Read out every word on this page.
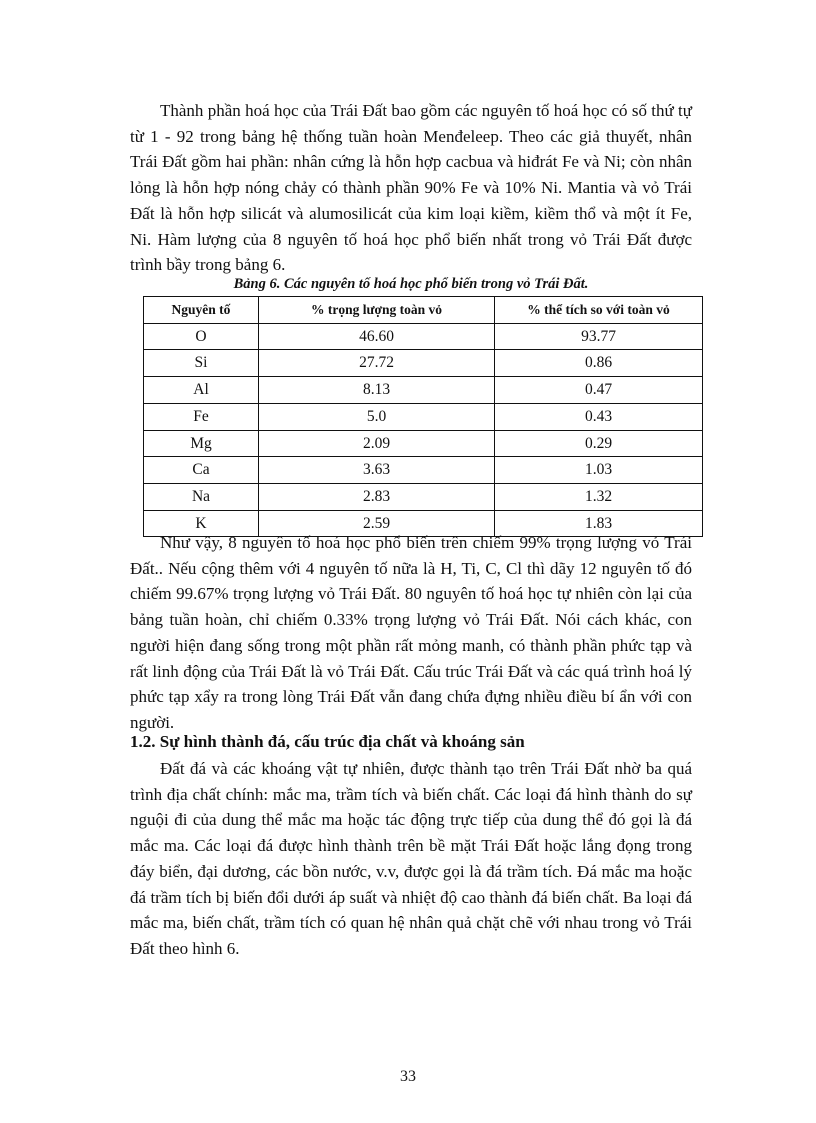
Thành phần hoá học của Trái Đất bao gồm các nguyên tố hoá học có số thứ tự từ 1 - 92 trong bảng hệ thống tuần hoàn Menđeleep. Theo các giả thuyết, nhân Trái Đất gồm hai phần: nhân cứng là hỗn hợp cacbua và hiđrát Fe và Ni; còn nhân lỏng là hỗn hợp nóng chảy có thành phần 90% Fe và 10% Ni. Mantia và vỏ Trái Đất là hỗn hợp silicát và alumosilicát của kim loại kiềm, kiềm thổ và một ít Fe, Ni. Hàm lượng của 8 nguyên tố hoá học phổ biến nhất trong vỏ Trái Đất được trình bầy trong bảng 6.

Bảng 6. Các nguyên tố hoá học phổ biến trong vỏ Trái Đất.
Nguyên tố	% trọng lượng toàn vỏ	% thể tích so với toàn vỏ
O	46.60	93.77
Si	27.72	0.86
Al	8.13	0.47
Fe	5.0	0.43
Mg	2.09	0.29
Ca	3.63	1.03
Na	2.83	1.32
K	2.59	1.83

Như vậy, 8 nguyên tố hoá học phổ biến trên chiếm 99% trọng lượng vỏ Trái Đất.. Nếu cộng thêm với 4 nguyên tố nữa là H, Ti, C, Cl thì dãy 12 nguyên tố đó chiếm 99.67% trọng lượng vỏ Trái Đất. 80 nguyên tố hoá học tự nhiên còn lại của bảng tuần hoàn, chỉ chiếm 0.33% trọng lượng vỏ Trái Đất. Nói cách khác, con người hiện đang sống trong một phần rất mỏng manh, có thành phần phức tạp và rất linh động của Trái Đất là vỏ Trái Đất. Cấu trúc Trái Đất và các quá trình hoá lý phức tạp xẩy ra trong lòng Trái Đất vẫn đang chứa đựng nhiều điều bí ẩn với con người.

1.2. Sự hình thành đá, cấu trúc địa chất và khoáng sản

Đất đá và các khoáng vật tự nhiên, được thành tạo trên Trái Đất nhờ ba quá trình địa chất chính: mắc ma, trầm tích và biến chất. Các loại đá hình thành do sự nguội đi của dung thể mắc ma hoặc tác động trực tiếp của dung thể đó gọi là đá mắc ma. Các loại đá được hình thành trên bề mặt Trái Đất hoặc lắng đọng trong đáy biển, đại dương, các bồn nước, v.v, được gọi là đá trầm tích. Đá mắc ma hoặc đá trầm tích bị biến đổi dưới áp suất và nhiệt độ cao thành đá biến chất. Ba loại đá mắc ma, biến chất, trầm tích có quan hệ nhân quả chặt chẽ với nhau trong vỏ Trái Đất theo hình 6.

33
